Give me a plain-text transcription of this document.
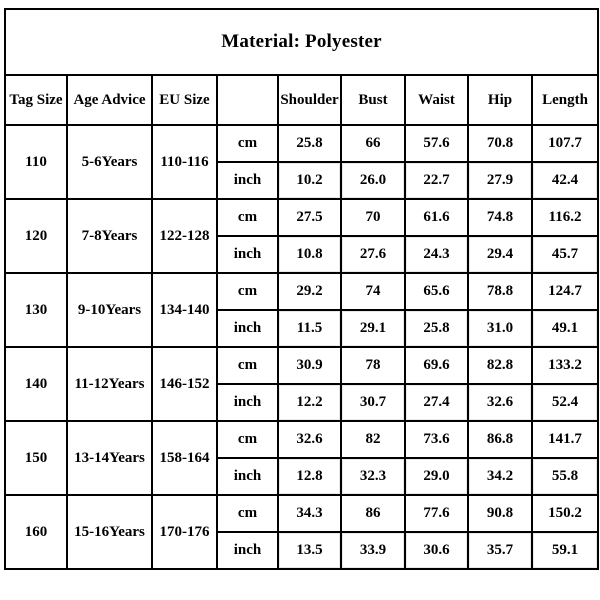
Material: Polyester								
Tag Size	Age Advice	EU Size		Shoulder	Bust	Waist	Hip	Length
110	5-6Years	110-116	cm	25.8	66	57.6	70.8	107.7
			inch	10.2	26.0	22.7	27.9	42.4
120	7-8Years	122-128	cm	27.5	70	61.6	74.8	116.2
			inch	10.8	27.6	24.3	29.4	45.7
130	9-10Years	134-140	cm	29.2	74	65.6	78.8	124.7
			inch	11.5	29.1	25.8	31.0	49.1
140	11-12Years	146-152	cm	30.9	78	69.6	82.8	133.2
			inch	12.2	30.7	27.4	32.6	52.4
150	13-14Years	158-164	cm	32.6	82	73.6	86.8	141.7
			inch	12.8	32.3	29.0	34.2	55.8
160	15-16Years	170-176	cm	34.3	86	77.6	90.8	150.2
			inch	13.5	33.9	30.6	35.7	59.1
